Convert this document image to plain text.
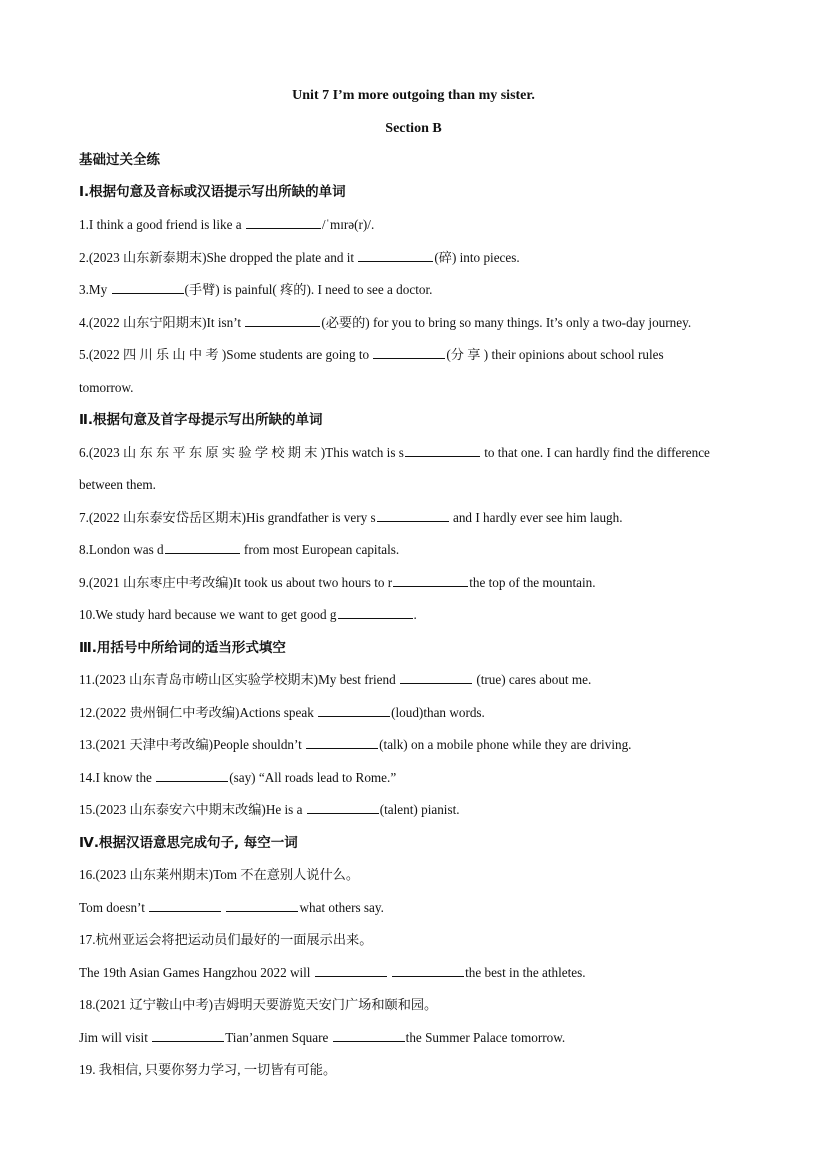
Unit 7 I’m more outgoing than my sister.
Section B
基础过关全练
Ⅰ.根据句意及音标或汉语提示写出所缺的单词
1.I think a good friend is like a	/ˈmɪrə(r)/.
2.(2023 山东新泰期末)She dropped the plate and it	(碎) into pieces.
3.My	(手臂) is painful( 疼的). I need to see a doctor.
4.(2022 山东宁阳期末)It isn’t	(必要的) for you to bring so many things. It’s only a two-day journey.
5.(2022 四 川 乐 山 中 考 )Some students are going to	(分 享 ) their opinions about school rules
tomorrow.
Ⅱ.根据句意及首字母提示写出所缺的单词
6.(2023 山 东 东 平 东 原 实 验 学 校 期 末 )This watch is s	to that one. I can hardly find the difference
between them.
7.(2022 山东泰安岱岳区期末)His grandfather is very s	and I hardly ever see him laugh.
8.London was d	from most European capitals.
9.(2021 山东枣庄中考改编)It took us about two hours to r	the top of the mountain.
10.We study hard because we want to get good g	.
Ⅲ.用括号中所给词的适当形式填空
11.(2023 山东青岛市崂山区实验学校期末)My best friend	(true) cares about me.
12.(2022 贵州铜仁中考改编)Actions speak	(loud)than words.
13.(2021 天津中考改编)People shouldn’t	(talk) on a mobile phone while they are driving.
14.I know the	(say) “All roads lead to Rome.”
15.(2023 山东泰安六中期末改编)He is a	(talent) pianist.
Ⅳ.根据汉语意思完成句子, 每空一词
16.(2023 山东莱州期末)Tom 不在意别人说什么。
Tom doesn’t	what others say.
17.杭州亚运会将把运动员们最好的一面展示出来。
The 19th Asian Games Hangzhou 2022 will	the best in the athletes.
18.(2021 辽宁鞍山中考)吉姆明天要游览天安门广场和颐和园。
Jim will visit	Tian’anmen Square	the Summer Palace tomorrow.
19. 我相信, 只要你努力学习, 一切皆有可能。
